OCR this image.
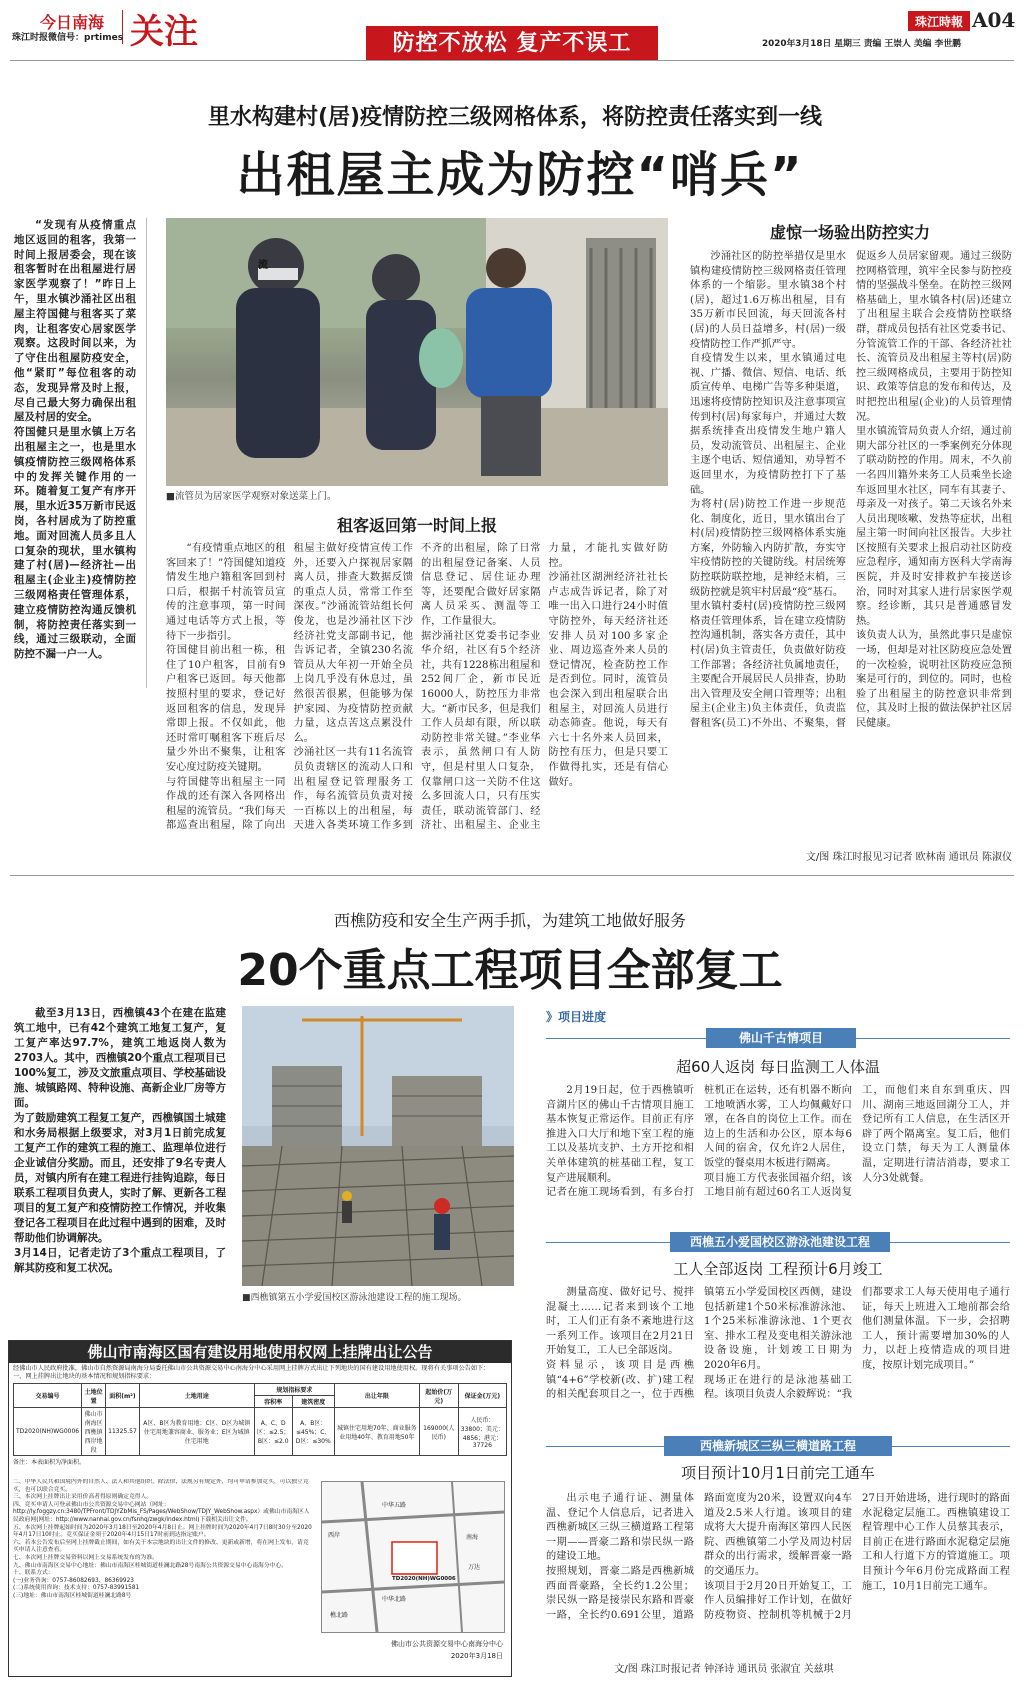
今日南海 关注
珠江时报微信号：prtimes	防控不放松 复产不误工
珠江時報 A04
2020年3月18日 星期三 责编 王崇人 美编 李世鹏
里水构建村(居)疫情防控三级网格体系，将防控责任落实到一线
出租屋主成为防控“哨兵”

“发现有从疫情重点地区返回的租客，我第一时间上报居委会，现在该租客暂时在出租屋进行居家医学观察了！”昨日上午，里水镇沙涌社区出租屋主符国健与租客买了菜肉，让租客安心居家医学观察。这段时间以来，为了守住出租屋防疫安全，他“紧盯”每位租客的动态，发现异常及时上报，尽自己最大努力确保出租屋及村居的安全。
符国健只是里水镇上万名出租屋主之一，也是里水镇疫情防控三级网格体系中的发挥关键作用的一环。随着复工复产有序开展，里水近35万新市民返岗，各村居成为了防控重地。面对回流人员多且人口复杂的现状，里水镇构建了村(居)—经济社—出租屋主(企业主)疫情防控三级网格责任管理体系，建立疫情防控沟通反馈机制，将防控责任落实到一线，通过三级联动，全面防控不漏一户一人。

流
■流管员为居家医学观察对象送菜上门。
租客返回第一时间上报

“有疫情重点地区的租客回来了！”符国健知道疫情发生地户籍租客回到村口后，根据千村流管员宣传的注意事项，第一时间通过电话等方式上报，等待下一步指引。
符国健目前出租一栋，租住了10户租客，目前有9户租客已返回。每天他都按照村里的要求，登记好返回租客的信息，发现异常即上报。不仅如此，他还时常叮嘱租客下班后尽量少外出不聚集，让租客安心度过防疫关键期。
与符国健等出租屋主一同作战的还有深入各网格出租屋的流管员。“我们每天都巡查出租屋，除了向出租屋主做好疫情宣传工作外，还要入户探视居家隔离人员，排查大数据反馈的重点人员，常常工作至深夜。”沙涌流管站组长何俊龙，也是沙涌社区下沙经济社党支部副书记，他告诉记者，全镇230名流管员从大年初一开始全员上岗几乎没有休息过，虽然很苦很累，但能够为保护家园、为疫情防控贡献力量，这点苦这点累没什么。
沙涌社区一共有11名流管员负责辖区的流动人口和出租屋登记管理服务工作，每名流管员负责对接一百栋以上的出租屋，每天进入各类环境工作多到不齐的出租屋，除了日常的出租屋登记备案、人员信息登记、居住证办理等，还要配合做好居家隔离人员采买、测温等工作，工作量很大。
据沙涌社区党委书记李业华介绍，社区有5个经济社，共有1228栋出租屋和252间厂企，新市民近16000人，防控压力非常大。“新市民多，但是我们工作人员却有限，所以联动防控非常关键。”李业华表示，虽然闸口有人防守，但是村里人口复杂，仅靠闸口这一关防不住这么多回流人口，只有压实责任，联动流管部门、经济社、出租屋主、企业主力量，才能扎实做好防控。
沙涌社区湖洲经济社社长卢志成告诉记者，除了对唯一出入口进行24小时值守防控外，每天经济社还安排人员对100多家企业、周边巡查外来人员的登记情况，检查防控工作是否到位。同时，流管员也会深入到出租屋联合出租屋主，对回流人员进行动态筛查。他说，每天有六七十名外来人员回来，防控有压力，但是只要工作做得扎实，还是有信心做好。

虚惊一场验出防控实力

沙涌社区的防控举措仅是里水镇构建疫情防控三级网格责任管理体系的一个缩影。里水镇38个村(居)，超过1.6万栋出租屋，目有35万新市民回流，每天回流各村(居)的人员日益增多，村(居)一级疫情防控工作严抓严守。
自疫情发生以来，里水镇通过电视、广播、微信、短信、电话、纸质宣传单、电梯广告等多种渠道，迅速将疫情防控知识及注意事项宣传到村(居)每家每户，并通过大数据系统排查出疫情发生地户籍人员，发动流管员、出租屋主、企业主逐个电话、短信通知，劝导暂不返回里水，为疫情防控打下了基础。
为将村(居)防控工作进一步规范化、制度化，近日，里水镇出台了村(居)疫情防控三级网格体系实施方案，外防输入内防扩散，夯实守牢疫情防控的关键防线。村居统筹防控联防联控地，是神经末梢，三级防控就是筑牢村居最“疫”基石。
里水镇村委村(居)疫情防控三级网格责任管理体系，旨在建立疫情防控沟通机制，落实各方责任，其中村(居)负主管责任，负责做好防疫工作部署；各经济社负属地责任，主要配合开展居民人员排查，协助出入管理及安全闸口管理等；出租屋主(企业主)负主体责任，负责监督租客(员工)不外出、不聚集，督促返乡人员居家留观。通过三级防控网格管理，筑牢全民参与防控疫情的坚强战斗堡垒。在防控三级网格基础上，里水镇各村(居)还建立了出租屋主联合会疫情防控联络群，群成员包括有社区党委书记、分管流管工作的干部、各经济社社长、流管员及出租屋主等村(居)防控三级网格成员，主要用于防控知识、政策等信息的发布和传达，及时把控出租屋(企业)的人员管理情况。
里水镇流管局负责人介绍，通过前期大部分社区的一季案例充分体现了联动防控的作用。周末，不久前一名四川籍外来务工人员乘坐长途车返回里水社区，同车有其妻子、母亲及一对孩子。第二天该名外来人员出现咳嗽、发热等症状，出租屋主第一时间向社区报告。大步社区按照有关要求上报启动社区防疫应急程序，通知南方医科大学南海医院，并及时安排救护车接送诊治，同时对其家人进行居家医学观察。经诊断，其只是普通感冒发热。
该负责人认为，虽然此事只是虚惊一场，但却是对社区防疫应急处置的一次检验，说明社区防疫应急预案是可行的，到位的。同时，也检验了出租屋主的防控意识非常到位，其及时上报的做法保护社区居民健康。

文/图 珠江时报见习记者 欧林南 通讯员 陈淑仪
西樵防疫和安全生产两手抓，为建筑工地做好服务
20个重点工程项目全部复工

截至3月13日，西樵镇43个在建在监建筑工地中，已有42个建筑工地复工复产，复工复产率达97.7%，建筑工地返岗人数为2703人。其中，西樵镇20个重点工程项目已100%复工，涉及文旅重点项目、学校基础设施、城镇路网、特种设施、高新企业厂房等方面。
为了鼓励建筑工程复工复产，西樵镇国土城建和水务局根据上级要求，对3月1日前完成复工复产工作的建筑工程的施工、监理单位进行企业诚信分奖励。而且，还安排了9名专责人员，对镇内所有在建工程进行挂钩追踪，每日联系工程项目负责人，实时了解、更新各工程项目的复工复产和疫情防控工作情况，并收集登记各工程项目在此过程中遇到的困难，及时帮助他们协调解决。
3月14日，记者走访了3个重点工程项目，了解其防疫和复工状况。

■西樵镇第五小学爱国校区游泳池建设工程的施工现场。
》项目进度
佛山千古情项目
超60人返岗 每日监测工人体温

2月19日起，位于西樵镇听音湖片区的佛山千古情项目施工基本恢复正常运作。目前正有序推进入口大厅和地下室工程的施工以及基坑支护、土方开挖和相关单体建筑的桩基础工程，复工复产进展顺利。
记者在施工现场看到，有多台打桩机正在运转，还有机器不断向工地喷洒水雾，工人均佩戴好口罩，在各自的岗位上工作。而在边上的生活和办公区，原本每6人间的宿舍，仅允许2人居住，饭堂的餐桌用木板进行隔离。
项目施工方代表张国福介绍，该工地目前有超过60名工人返岗复工，而他们来自东到重庆、四川、湖南三地返回湖分工人，并登记所有工人信息，在生活区开辟了两个隔离室。复工后，他们设立门禁，每天为工人测量体温，定期进行清洁消毒，要求工人分3处就餐。

西樵五小爱国校区游泳池建设工程
工人全部返岗 工程预计6月竣工

测量高度、做好记号、搅拌混凝土……记者来到该个工地时，工人们正有条不紊地进行这一系列工作。该项目在2月21日开始复工，工人已全部返岗。
资料显示，该项目是西樵镇“4+6”学校新(改、扩)建工程的相关配套项目之一，位于西樵镇第五小学爱国校区西侧，建设包括新建1个50米标准游泳池、1个25米标准游泳池、1个更衣室、排水工程及变电相关游泳池设备设施，计划竣工日期为2020年6月。
现场正在进行的是泳池基础工程。该项目负责人余毅辉说：“我们都要求工人每天使用电子通行证，每天上班进入工地前都会给他们测量体温。下一步，会招聘工人，预计需要增加30%的人力，以赶上疫情造成的项目进度，按原计划完成项目。”

西樵新城区三纵三横道路工程
项目预计10月1日前完工通车

出示电子通行证、测量体温、登记个人信息后，记者进入西樵新城区三纵三横道路工程第一期——晋豪二路和崇民纵一路的建设工地。
按照规划，晋豪二路是西樵新城西面晋豪路，全长约1.2公里；崇民纵一路是接崇民东路和晋豪一路，全长约0.691公里，道路路面宽度为20米，设置双向4车道及2.5米人行道。该项目的建成将大大提升南海区第四人民医院、西樵镇第二小学及周边村居群众的出行需求，缓解晋豪一路的交通压力。
该项目于2月20日开始复工，工作人员编排好工作计划，在做好防疫物资、控制机等机械于2月27日开始进场，进行现时的路面水泥稳定层施工。西樵镇建设工程管理中心工作人员蔡其表示，目前正在进行路面水泥稳定层施工和人行道下方的管道施工。项目预计今年6月份完成路面工程施工，10月1日前完工通车。

文/图 珠江时报记者 钟泽诗 通讯员 张淑宜 关兹琪
佛山市南海区国有建设用地使用权网上挂牌出让公告
经佛山市人民政府批准，佛山市自然资源局南海分局委托佛山市公共资源交易中心南海分中心采用网上挂牌方式出让下列地块的国有建设用地使用权。现将有关事项公告如下：
一、网上挂牌出让地块的基本情况和规划指标要求：
交易编号	土地位置	面积(m²)	土地用途	规划指标要求		出让年限	起始价(万元)	保证金(万元)
				容积率	建筑密度			
TD2020(NH)WG0006	佛山市南海区西樵镇西岸地段	11325.57	A区、B区为教育用地；C区、D区为城镇住宅用地兼容商业、服务业；E区为城镇住宅用地	A、C、D区：≤2.5；B区：≤2.0	A、B区：≤45%；C、D区：≤30%	城镇住宅用地70年、商业服务业用地40年、教育用地50年	169000(人民币)	人民币：33800；美元：4856；港元：37726
备注：本表面积为净面积。
二、中华人民共和国境内外的自然人、法人和其他组织，除法律、法规另有规定外，均可申请参加竞买，可以独立竞买，也可以联合竞买。
三、本次网上挂牌出让采用价高者得原则确定竞得人。
四、竞买申请人可登录佛山市公共资源交易中心网站（网址：http://ly.foggzy.cn:3480/TPFront/TDJYZbMis_FS/Pages/WebShow/TDJY_WebShow.aspx）或佛山市南海区人民政府网(网址：http://www.nanhai.gov.cn/fsnhq/zwgk/index.html)下载相关出让文件。
五、本次网上挂牌起始时间为2020年3月18日至2020年4月8日止。网上挂牌时间为2020年4月7日8时30分至2020年4月17日10时止。竞买保证金须于2020年4月15日17时前到达指定账户。
六、若本公告发布后至网上挂牌截止期间，如有关于本宗地块的出让文件的修改、更新或新增，将在网上发布，请竞买申请人注意查看。
七、本次网上挂牌交易资料以网上交易系统发布的为准。
九、佛山市南海区交易中心地址：佛山市南海区桂城街道桂澜北路28号南海公共资源交易中心南海分中心。
十、联系方式：
(一)业务咨询：0757-86082693、86369923
(二)系统使用咨询：技术支持：0757-83991581
(三)地址：佛山市南海区桂城街道桂澜北路8号
西岸
中华五路
中华北路
南海
TD2020(NH)WG0006
万达
樵北路
佛山市公共资源交易中心南海分中心
2020年3月18日
